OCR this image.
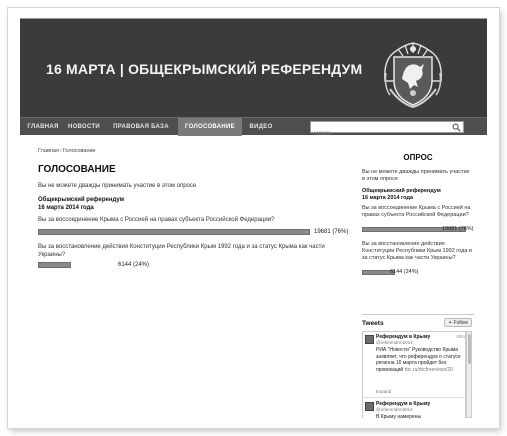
16 МАРТА | ОБЩЕКРЫМСКИЙ РЕФЕРЕНДУМ
ГЛАВНАЯ	НОВОСТИ	ПРАВОВАЯ БАЗА	ГОЛОСОВАНИЕ	ВИДЕО
Поиск
Главная›Голосование
ГОЛОСОВАНИЕ
Вы не можете дважды принимать участие в этом опросе
Общекрымский референдум
16 марта 2014 года
Вы за воссоединение Крыма с Россией на правах субъекта Российской Федерации?
19681 (76%)
Вы за восстановление действия Конституции Республики Крым 1992 года и за статус Крыма как части Украины?
6144 (24%)
ОПРОС
Вы не можете дважды принимать участие в этом опросе
Общекрымский референдум
16 марта 2014 года
Вы за воссоединение Крыма с Россией на правах субъекта Российской Федерации?
19681 (76%)
Вы за восстановление действия Конституции Республики Крым 1992 года и за статус Крыма как части Украины?
6144 (24%)
Tweets	✦ Follow
Референдум в Крыму	30m
@referendrm2014
РИА "Новости" Руководство Крыма заявляет, что референдум о статусе региона 16 марта пройдет без провокаций rbc.ru/rbcfreenews/20
Expand
Референдум в Крыму
@referendrm2014
В Крыму намерены
